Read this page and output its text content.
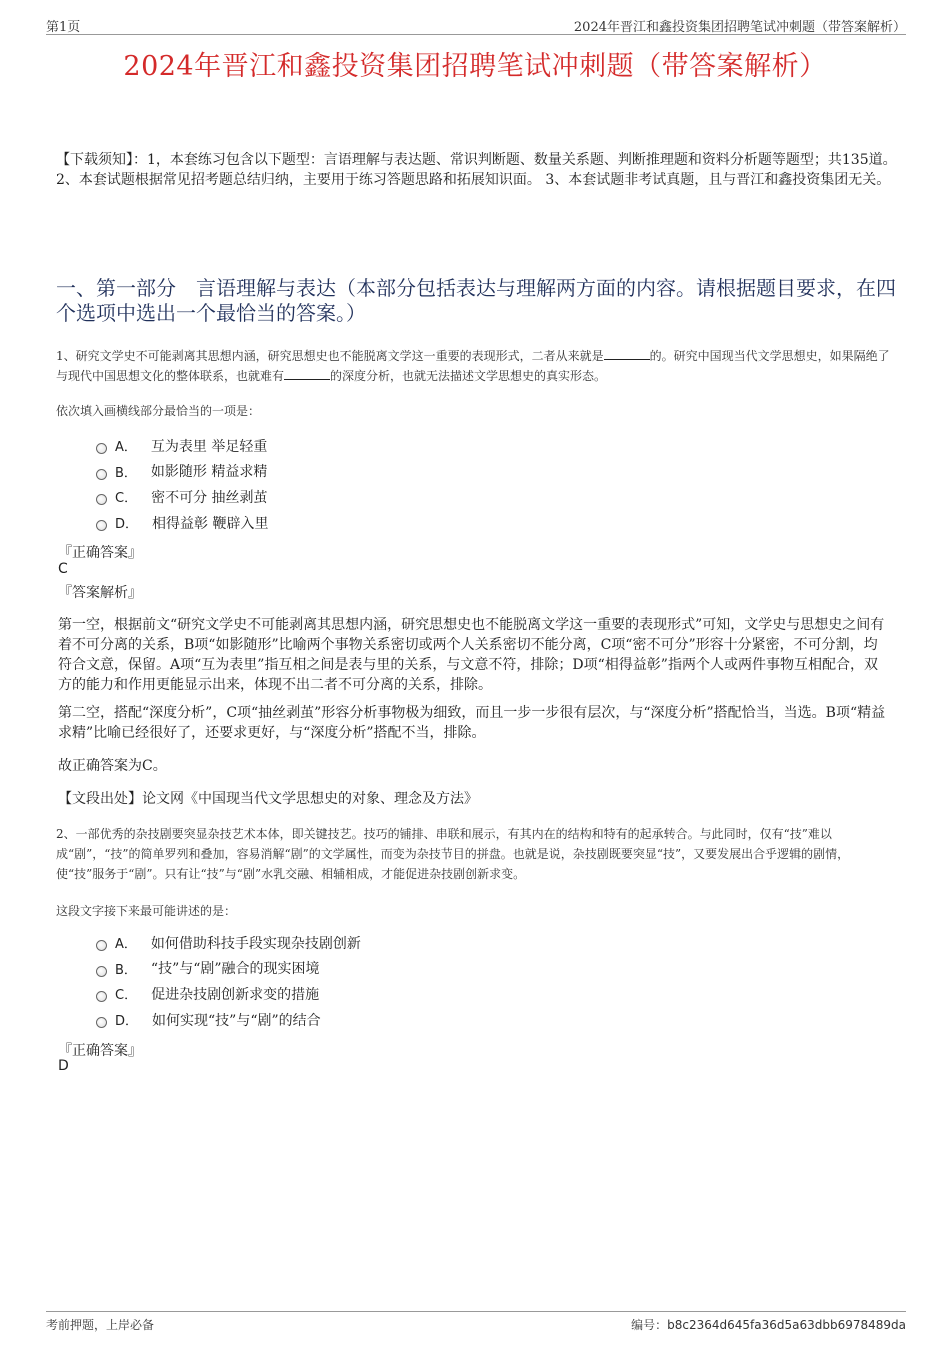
第1页	2024年晋江和鑫投资集团招聘笔试冲刺题（带答案解析）
2024年晋江和鑫投资集团招聘笔试冲刺题（带答案解析）
【下载须知】：1，本套练习包含以下题型：言语理解与表达题、常识判断题、数量关系题、判断推理题和资料分析题等题型；共135道。 2、本套试题根据常见招考题总结归纳，主要用于练习答题思路和拓展知识面。 3、本套试题非考试真题，且与晋江和鑫投资集团无关。
一、第一部分　言语理解与表达（本部分包括表达与理解两方面的内容。请根据题目要求，在四个选项中选出一个最恰当的答案。）
1、研究文学史不可能剥离其思想内涵，研究思想史也不能脱离文学这一重要的表现形式，二者从来就是	的。研究中国现当代文学思想史，如果隔绝了与现代中国思想文化的整体联系，也就难有	的深度分析，也就无法描述文学思想史的真实形态。
依次填入画横线部分最恰当的一项是：
A． 互为表里 举足轻重
B． 如影随形 精益求精
C． 密不可分 抽丝剥茧
D． 相得益彰 鞭辟入里
『正确答案』
C
『答案解析』
第一空，根据前文“研究文学史不可能剥离其思想内涵，研究思想史也不能脱离文学这一重要的表现形式”可知，文学史与思想史之间有着不可分离的关系，B项“如影随形”比喻两个事物关系密切或两个人关系密切不能分离，C项“密不可分”形容十分紧密，不可分割，均符合文意，保留。A项“互为表里”指互相之间是表与里的关系，与文意不符，排除；D项“相得益彰”指两个人或两件事物互相配合，双方的能力和作用更能显示出来，体现不出二者不可分离的关系，排除。
第二空，搭配“深度分析”，C项“抽丝剥茧”形容分析事物极为细致，而且一步一步很有层次，与“深度分析”搭配恰当，当选。B项“精益求精”比喻已经很好了，还要求更好，与“深度分析”搭配不当，排除。
故正确答案为C。
【文段出处】论文网《中国现当代文学思想史的对象、理念及方法》
2、一部优秀的杂技剧要突显杂技艺术本体，即关键技艺。技巧的铺排、串联和展示，有其内在的结构和特有的起承转合。与此同时，仅有“技”难以成“剧”，“技”的简单罗列和叠加，容易消解“剧”的文学属性，而变为杂技节目的拼盘。也就是说，杂技剧既要突显“技”，又要发展出合乎逻辑的剧情，使“技”服务于“剧”。只有让“技”与“剧”水乳交融、相辅相成，才能促进杂技剧创新求变。
这段文字接下来最可能讲述的是：
A． 如何借助科技手段实现杂技剧创新
B． “技”与“剧”融合的现实困境
C． 促进杂技剧创新求变的措施
D． 如何实现“技”与“剧”的结合
『正确答案』
D
考前押题，上岸必备	编号：b8c2364d645fa36d5a63dbb6978489da
